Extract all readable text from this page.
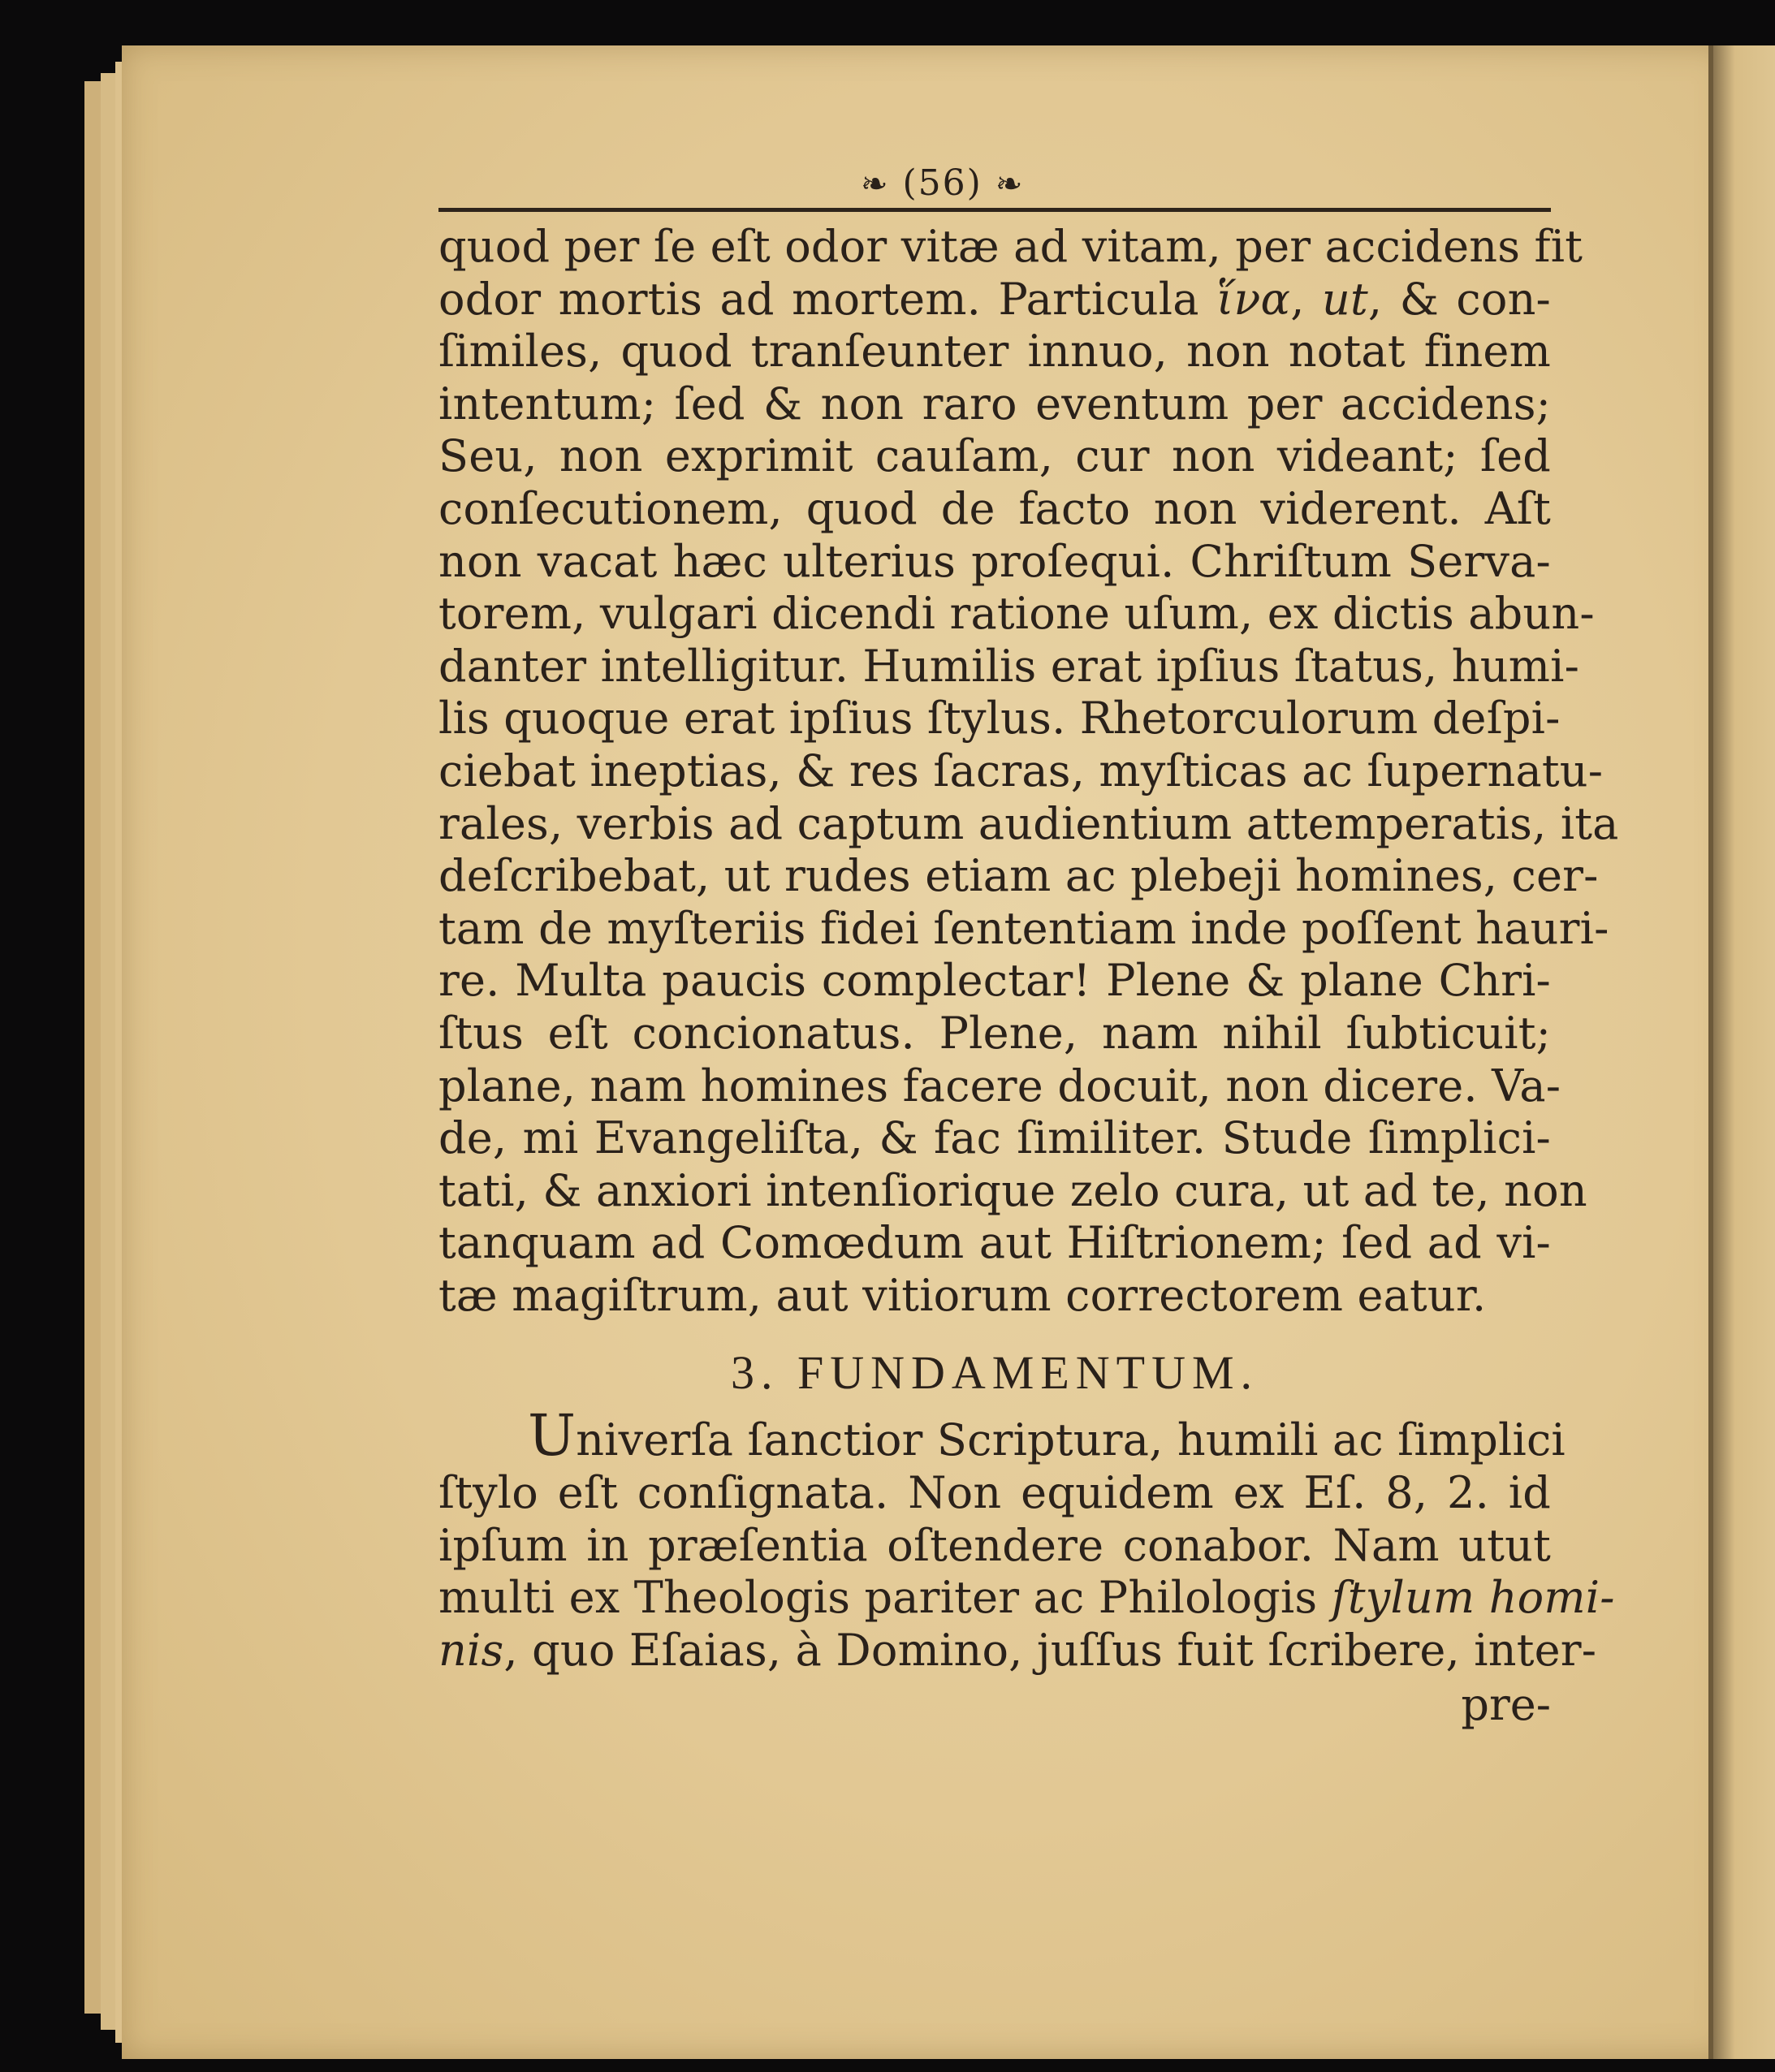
❧ (56) ❧
quod per ſe eſt odor vitæ ad vitam, per accidens fit
odor mortis ad mortem. Particula ἵνα, ut, & con-
ſimiles, quod tranſeunter innuo, non notat finem
intentum; ſed & non raro eventum per accidens;
Seu, non exprimit cauſam, cur non videant; ſed
conſecutionem, quod de facto non viderent. Aſt
non vacat hæc ulterius proſequi. Chriſtum Serva-
torem, vulgari dicendi ratione uſum, ex dictis abun-
danter intelligitur. Humilis erat ipſius ſtatus, humi-
lis quoque erat ipſius ſtylus. Rhetorculorum deſpi-
ciebat ineptias, & res ſacras, myſticas ac ſupernatu-
rales, verbis ad captum audientium attemperatis, ita
deſcribebat, ut rudes etiam ac plebeji homines, cer-
tam de myſteriis fidei ſententiam inde poſſent hauri-
re. Multa paucis complectar! Plene & plane Chri-
ſtus eſt concionatus. Plene, nam nihil ſubticuit;
plane, nam homines facere docuit, non dicere. Va-
de, mi Evangeliſta, & fac ſimiliter. Stude ſimplici-
tati, & anxiori intenſiorique zelo cura, ut ad te, non
tanquam ad Comœdum aut Hiſtrionem; ſed ad vi-
tæ magiſtrum, aut vitiorum correctorem eatur.
3. FUNDAMENTUM.
Univerſa ſanctior Scriptura, humili ac ſimplici
ſtylo eſt conſignata. Non equidem ex Eſ. 8, 2. id
ipſum in præſentia oſtendere conabor. Nam utut
multi ex Theologis pariter ac Philologis ſtylum homi-
nis, quo Eſaias, à Domino, juſſus fuit ſcribere, inter-
pre-
